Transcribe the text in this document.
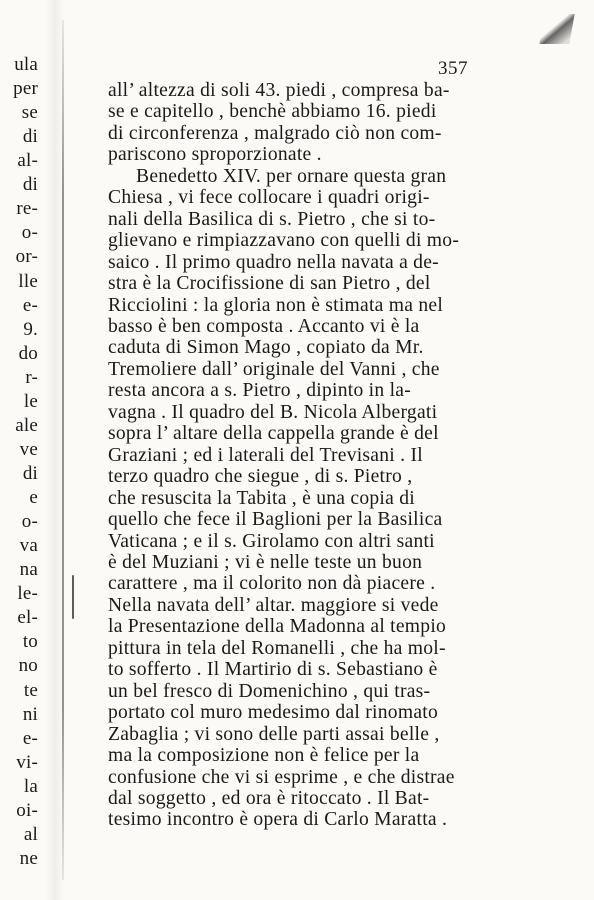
ula
per
se
di
al-
di
re-
o-
or-
lle
e-
9.
do
r-
le
ale
ve
di
e
o-
va
na
le-
el-
to
no
te
ni
e-
vi-
la
oi-
al
ne
357
all’ altezza di soli 43. piedi , compresa ba-
se e capitello , benchè abbiamo 16. piedi
di circonferenza , malgrado ciò non com-
pariscono sproporzionate .
Benedetto XIV. per ornare questa gran
Chiesa , vi fece collocare i quadri origi-
nali della Basilica di s. Pietro , che si to-
glievano e rimpiazzavano con quelli di mo-
saico . Il primo quadro nella navata a de-
stra è la Crocifissione di san Pietro , del
Ricciolini : la gloria non è stimata ma nel
basso è ben composta . Accanto vi è la
caduta di Simon Mago , copiato da Mr.
Tremoliere dall’ originale del Vanni , che
resta ancora a s. Pietro , dipinto in la-
vagna . Il quadro del B. Nicola Albergati
sopra l’ altare della cappella grande è del
Graziani ; ed i laterali del Trevisani . Il
terzo quadro che siegue , di s. Pietro ,
che resuscita la Tabita , è una copia di
quello che fece il Baglioni per la Basilica
Vaticana ; e il s. Girolamo con altri santi
è del Muziani ; vi è nelle teste un buon
carattere , ma il colorito non dà piacere .
Nella navata dell’ altar. maggiore si vede
la Presentazione della Madonna al tempio
pittura in tela del Romanelli , che ha mol-
to sofferto . Il Martirio di s. Sebastiano è
un bel fresco di Domenichino , qui tras-
portato col muro medesimo dal rinomato
Zabaglia ; vi sono delle parti assai belle ,
ma la composizione non è felice per la
confusione che vi si esprime , e che distrae
dal soggetto , ed ora è ritoccato . Il Bat-
tesimo incontro è opera di Carlo Maratta .
